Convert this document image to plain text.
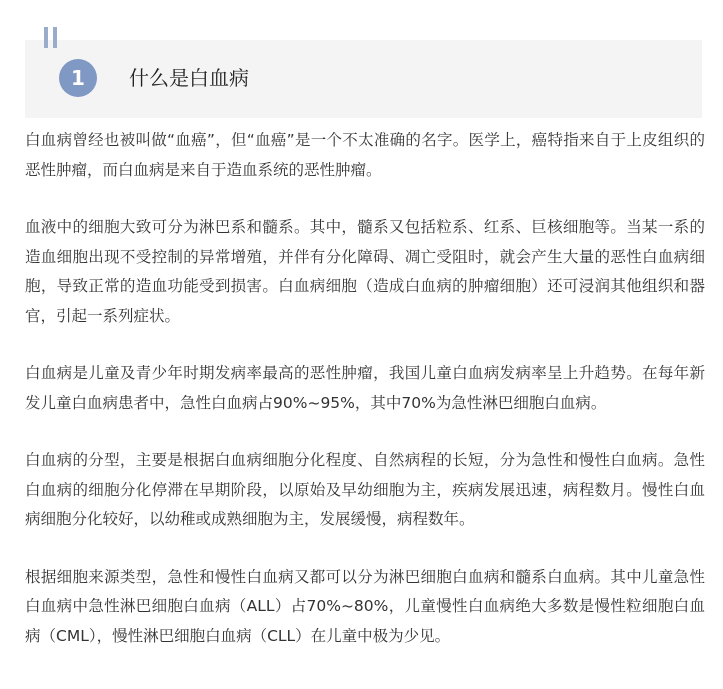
1	什么是白血病

白血病曾经也被叫做“血癌”，但“血癌”是一个不太准确的名字。医学上，癌特指来自于上皮组织的恶性肿瘤，而白血病是来自于造血系统的恶性肿瘤。

血液中的细胞大致可分为淋巴系和髓系。其中，髓系又包括粒系、红系、巨核细胞等。当某一系的造血细胞出现不受控制的异常增殖，并伴有分化障碍、凋亡受阻时，就会产生大量的恶性白血病细胞，导致正常的造血功能受到损害。白血病细胞（造成白血病的肿瘤细胞）还可浸润其他组织和器官，引起一系列症状。

白血病是儿童及青少年时期发病率最高的恶性肿瘤，我国儿童白血病发病率呈上升趋势。在每年新发儿童白血病患者中，急性白血病占90%~95%，其中70%为急性淋巴细胞白血病。

白血病的分型，主要是根据白血病细胞分化程度、自然病程的长短，分为急性和慢性白血病。急性白血病的细胞分化停滞在早期阶段，以原始及早幼细胞为主，疾病发展迅速，病程数月。慢性白血病细胞分化较好，以幼稚或成熟细胞为主，发展缓慢，病程数年。

根据细胞来源类型，急性和慢性白血病又都可以分为淋巴细胞白血病和髓系白血病。其中儿童急性白血病中急性淋巴细胞白血病（ALL）占70%~80%，儿童慢性白血病绝大多数是慢性粒细胞白血病（CML），慢性淋巴细胞白血病（CLL）在儿童中极为少见。
